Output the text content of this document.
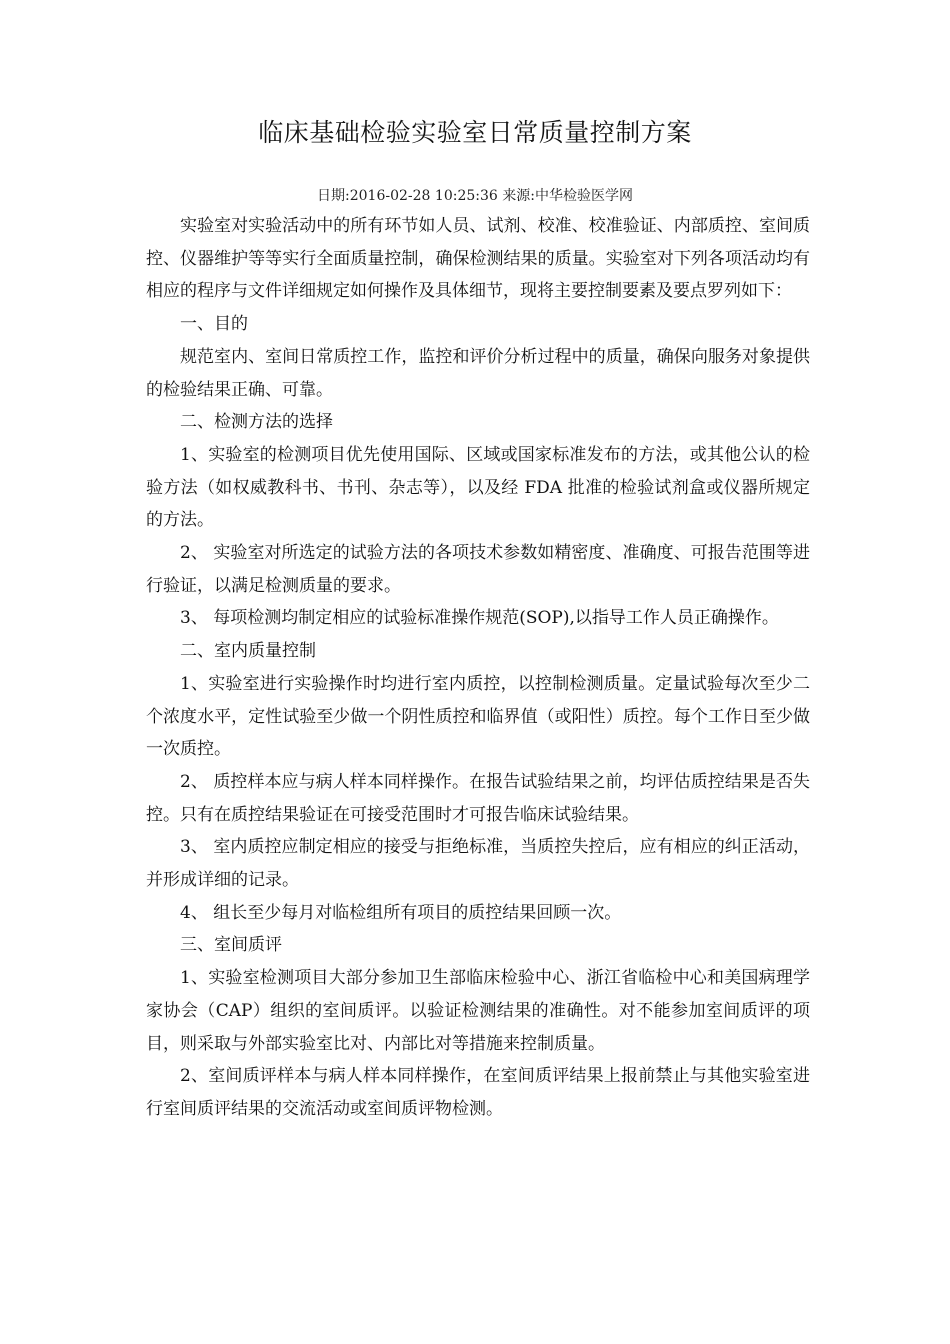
临床基础检验实验室日常质量控制方案
日期:2016-02-28 10:25:36 来源:中华检验医学网

实验室对实验活动中的所有环节如人员、试剂、校准、校准验证、内部质控、室间质控、仪器维护等等实行全面质量控制，确保检测结果的质量。实验室对下列各项活动均有相应的程序与文件详细规定如何操作及具体细节，现将主要控制要素及要点罗列如下：

一、目的

规范室内、室间日常质控工作，监控和评价分析过程中的质量，确保向服务对象提供的检验结果正确、可靠。

二、检测方法的选择

1、实验室的检测项目优先使用国际、区域或国家标准发布的方法，或其他公认的检验方法（如权威教科书、书刊、杂志等），以及经 FDA 批准的检验试剂盒或仪器所规定的方法。

2、 实验室对所选定的试验方法的各项技术参数如精密度、准确度、可报告范围等进行验证，以满足检测质量的要求。

3、 每项检测均制定相应的试验标准操作规范(SOP),以指导工作人员正确操作。

二、室内质量控制

1、实验室进行实验操作时均进行室内质控，以控制检测质量。定量试验每次至少二个浓度水平，定性试验至少做一个阴性质控和临界值（或阳性）质控。每个工作日至少做一次质控。

2、 质控样本应与病人样本同样操作。在报告试验结果之前，均评估质控结果是否失控。只有在质控结果验证在可接受范围时才可报告临床试验结果。

3、 室内质控应制定相应的接受与拒绝标准，当质控失控后，应有相应的纠正活动，并形成详细的记录。

4、 组长至少每月对临检组所有项目的质控结果回顾一次。

三、室间质评

1、实验室检测项目大部分参加卫生部临床检验中心、浙江省临检中心和美国病理学家协会（CAP）组织的室间质评。以验证检测结果的准确性。对不能参加室间质评的项目，则采取与外部实验室比对、内部比对等措施来控制质量。

2、室间质评样本与病人样本同样操作，在室间质评结果上报前禁止与其他实验室进行室间质评结果的交流活动或室间质评物检测。
